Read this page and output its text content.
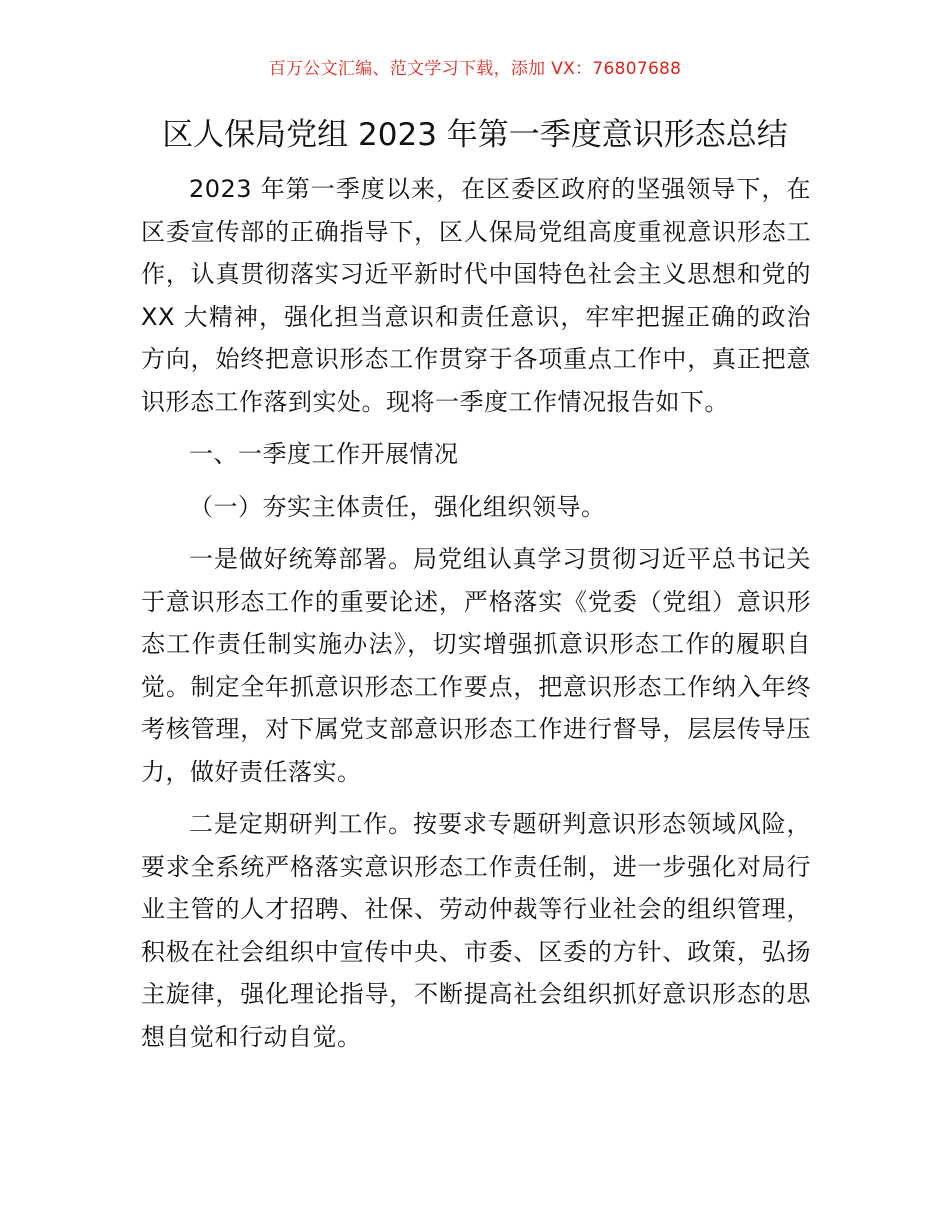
百万公文汇编、范文学习下载，添加 VX：76807688
区人保局党组 2023 年第一季度意识形态总结

2023 年第一季度以来，在区委区政府的坚强领导下，在区委宣传部的正确指导下，区人保局党组高度重视意识形态工作，认真贯彻落实习近平新时代中国特色社会主义思想和党的XX 大精神，强化担当意识和责任意识，牢牢把握正确的政治方向，始终把意识形态工作贯穿于各项重点工作中，真正把意识形态工作落到实处。现将一季度工作情况报告如下。

一、一季度工作开展情况

（一）夯实主体责任，强化组织领导。

一是做好统筹部署。局党组认真学习贯彻习近平总书记关于意识形态工作的重要论述，严格落实《党委（党组）意识形态工作责任制实施办法》，切实增强抓意识形态工作的履职自觉。制定全年抓意识形态工作要点，把意识形态工作纳入年终考核管理，对下属党支部意识形态工作进行督导，层层传导压力，做好责任落实。

二是定期研判工作。按要求专题研判意识形态领域风险，要求全系统严格落实意识形态工作责任制，进一步强化对局行业主管的人才招聘、社保、劳动仲裁等行业社会的组织管理，积极在社会组织中宣传中央、市委、区委的方针、政策，弘扬主旋律，强化理论指导，不断提高社会组织抓好意识形态的思想自觉和行动自觉。
